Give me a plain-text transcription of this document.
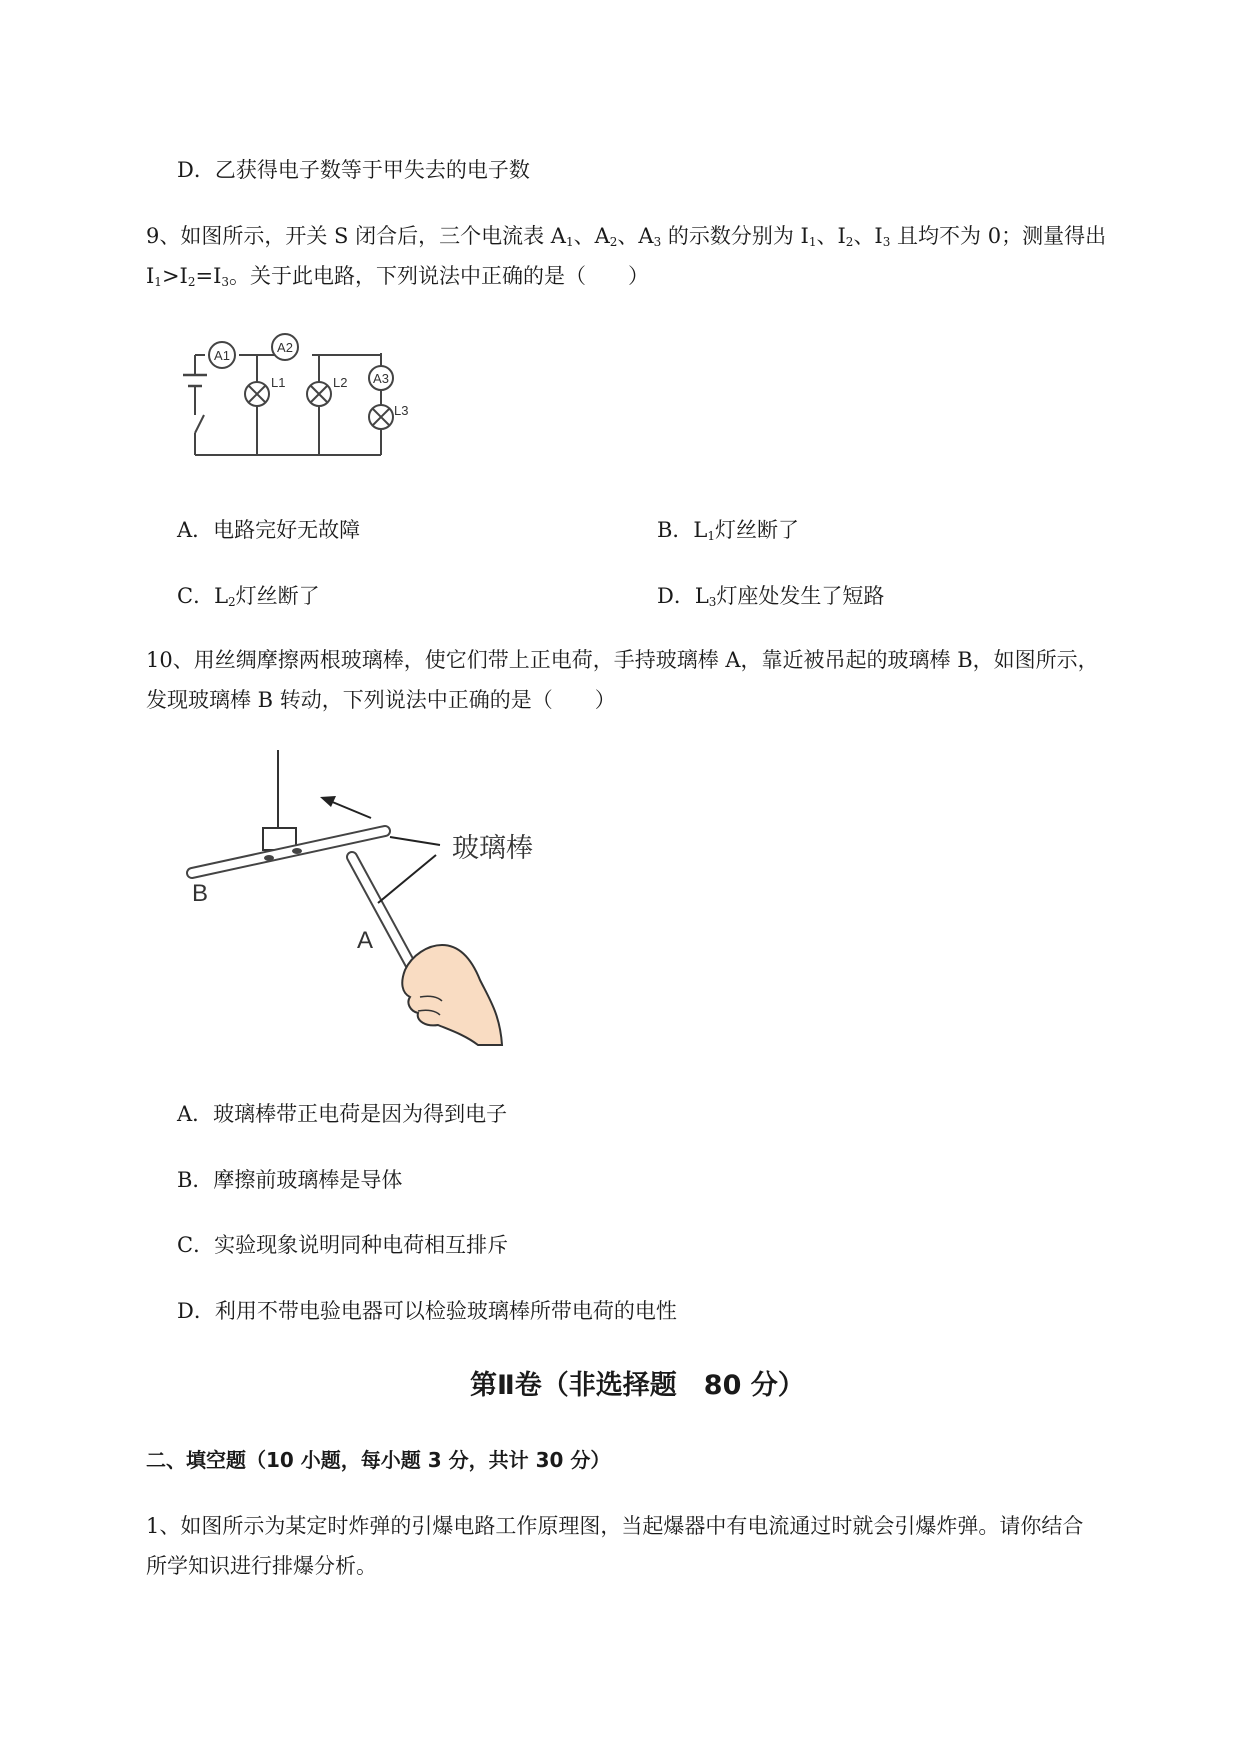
D．乙获得电子数等于甲失去的电子数
9、如图所示，开关 S 闭合后，三个电流表 $A_1$、$A_2$、$A_3$ 的示数分别为 $I_1$、$I_2$、$I_3$ 且均不为 0；测量得出
$I_1>I_2=I_3$。关于此电路，下列说法中正确的是（　　）
A1
A2
A3
L1	L2
L3
A．电路完好无故障	B．$L_1$灯丝断了
C．$L_2$灯丝断了	D．$L_3$灯座处发生了短路
10、用丝绸摩擦两根玻璃棒，使它们带上正电荷，手持玻璃棒 A，靠近被吊起的玻璃棒 B，如图所示，
发现玻璃棒 B 转动，下列说法中正确的是（　　）
玻璃棒
B
A
A．玻璃棒带正电荷是因为得到电子
B．摩擦前玻璃棒是导体
C．实验现象说明同种电荷相互排斥
D．利用不带电验电器可以检验玻璃棒所带电荷的电性
第Ⅱ卷（非选择题　80 分）
二、填空题（10 小题，每小题 3 分，共计 30 分）
1、如图所示为某定时炸弹的引爆电路工作原理图，当起爆器中有电流通过时就会引爆炸弹。请你结合
所学知识进行排爆分析。
